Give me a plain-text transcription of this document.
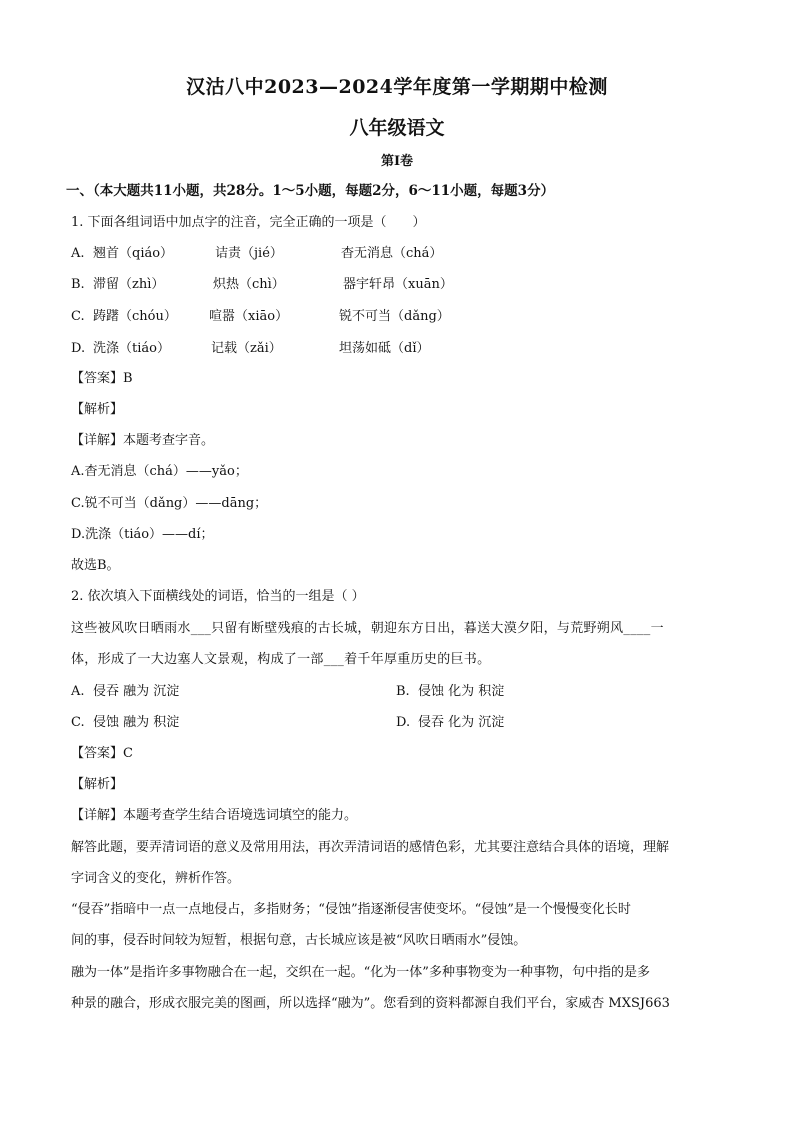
汉沽八中2023—2024学年度第一学期期中检测
八年级语文
第Ⅰ卷
一、（本大题共11小题，共28分。1～5小题，每题2分，6～11小题，每题3分）
1. 下面各组词语中加点字的注音，完全正确的一项是（　　）
A. 翘首（qiáo）	诘责（jié）	杳无消息（chá）
B. 滞留（zhì）	炽热（chì）	器宇轩昂（xuān）
C. 踌躇（chóu） 喧嚣（xiāo）	锐不可当（dǎng）
D. 洗涤（tiáo）	记载（zǎi）	坦荡如砥（dǐ）
【答案】B
【解析】
【详解】本题考查字音。
A.杳无消息（chá）——yǎo；
C.锐不可当（dǎng）——dāng；
D.洗涤（tiáo）——dí；
故选B。
2. 依次填入下面横线处的词语，恰当的一组是（ ）
这些被风吹日晒雨水___只留有断壁残痕的古长城，朝迎东方日出，暮送大漠夕阳，与荒野朔风____一
体，形成了一大边塞人文景观，构成了一部___着千年厚重历史的巨书。
A. 侵吞 融为 沉淀	B. 侵蚀 化为 积淀
C. 侵蚀 融为 积淀	D. 侵吞 化为 沉淀
【答案】C
【解析】
【详解】本题考查学生结合语境选词填空的能力。
解答此题，要弄清词语的意义及常用用法，再次弄清词语的感情色彩，尤其要注意结合具体的语境，理解
字词含义的变化，辨析作答。
“侵吞”指暗中一点一点地侵占，多指财务；“侵蚀”指逐渐侵害使变坏。“侵蚀”是一个慢慢变化长时
间的事，侵吞时间较为短暂，根据句意，古长城应该是被“风吹日晒雨水”侵蚀。
融为一体”是指许多事物融合在一起，交织在一起。“化为一体”多种事物变为一种事物，句中指的是多
种景的融合，形成衣服完美的图画，所以选择“融为”。您看到的资料都源自我们平台，家威杏 MXSJ663
